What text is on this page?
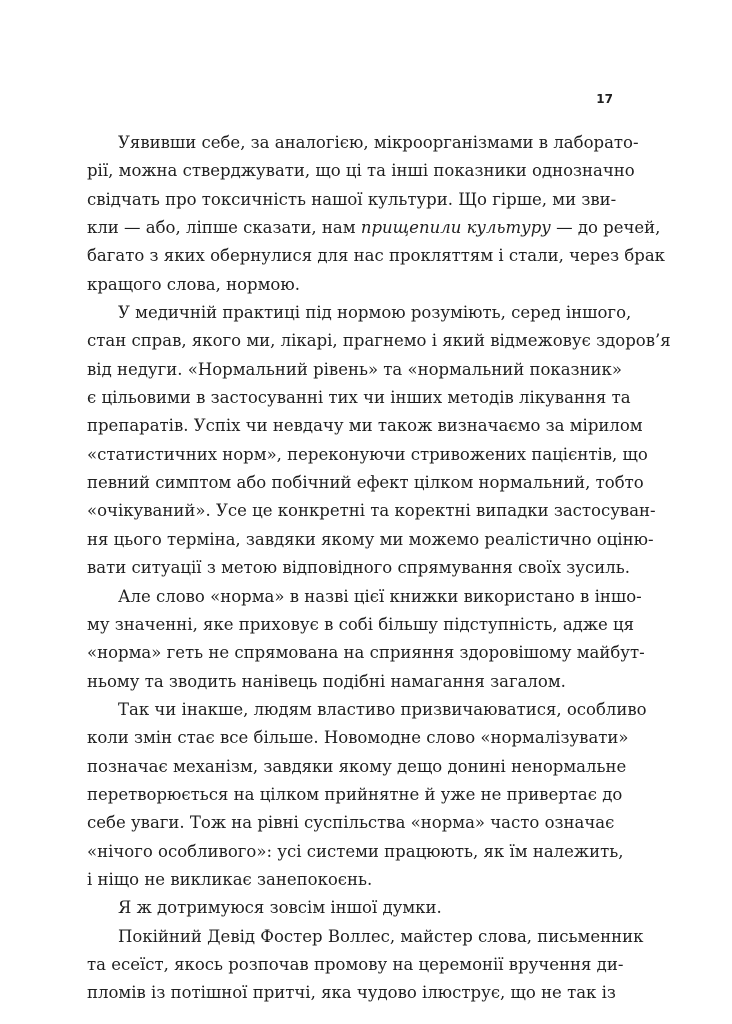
17
Уявивши себе, за аналогією, мікроорганізмами в лаборато-
рії, можна стверджувати, що ці та інші показники однозначно
свідчать про токсичність нашої культури. Що гірше, ми зви-
кли — або, ліпше сказати, нам прищепили культуру — до речей,
багато з яких обернулися для нас прокляттям і стали, через брак
кращого слова, нормою.
У медичній практиці під нормою розуміють, серед іншого,
стан справ, якого ми, лікарі, прагнемо і який відмежовує здоров’я
від недуги. «Нормальний рівень» та «нормальний показник»
є цільовими в застосуванні тих чи інших методів лікування та
препаратів. Успіх чи невдачу ми також визначаємо за мірилом
«статистичних норм», переконуючи стривожених пацієнтів, що
певний симптом або побічний ефект цілком нормальний, тобто
«очікуваний». Усе це конкретні та коректні випадки застосуван-
ня цього терміна, завдяки якому ми можемо реалістично оціню-
вати ситуації з метою відповідного спрямування своїх зусиль.
Але слово «норма» в назві цієї книжки використано в іншо-
му значенні, яке приховує в собі більшу підступність, адже ця
«норма» геть не спрямована на сприяння здоровішому майбут-
ньому та зводить нанівець подібні намагання загалом.
Так чи інакше, людям властиво призвичаюватися, особливо
коли змін стає все більше. Новомодне слово «нормалізувати»
позначає механізм, завдяки якому дещо донині ненормальне
перетворюється на цілком прийнятне й уже не привертає до
себе уваги. Тож на рівні суспільства «норма» часто означає
«нічого особливого»: усі системи працюють, як їм належить,
і ніщо не викликає занепокоєнь.
Я ж дотримуюся зовсім іншої думки.
Покійний Девід Фостер Воллес, майстер слова, письменник
та есеїст, якось розпочав промову на церемонії вручення ди-
пломів із потішної притчі, яка чудово ілюструє, що не так із
